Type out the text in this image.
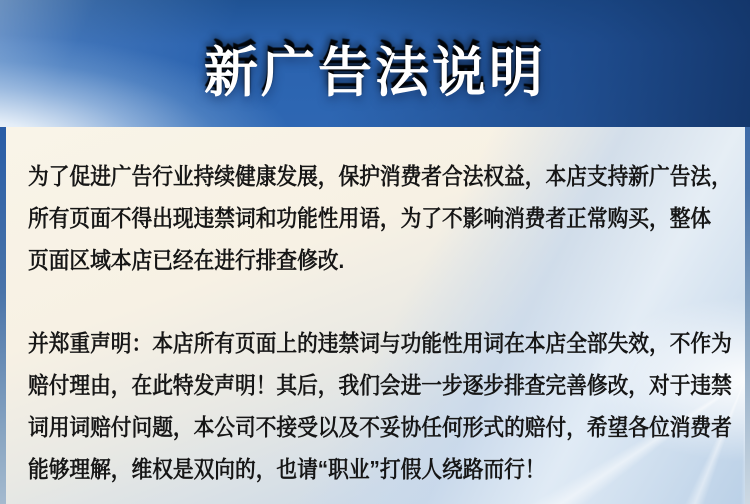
新广告法说明
为了促进广告行业持续健康发展，保护消费者合法权益，本店支持新广告法，
所有页面不得出现违禁词和功能性用语，为了不影响消费者正常购买，整体
页面区域本店已经在进行排查修改.
并郑重声明：本店所有页面上的违禁词与功能性用词在本店全部失效，不作为
赔付理由，在此特发声明！其后，我们会进一步逐步排查完善修改，对于违禁
词用词赔付问题，本公司不接受以及不妥协任何形式的赔付，希望各位消费者
能够理解，维权是双向的，也请“职业”打假人绕路而行！
